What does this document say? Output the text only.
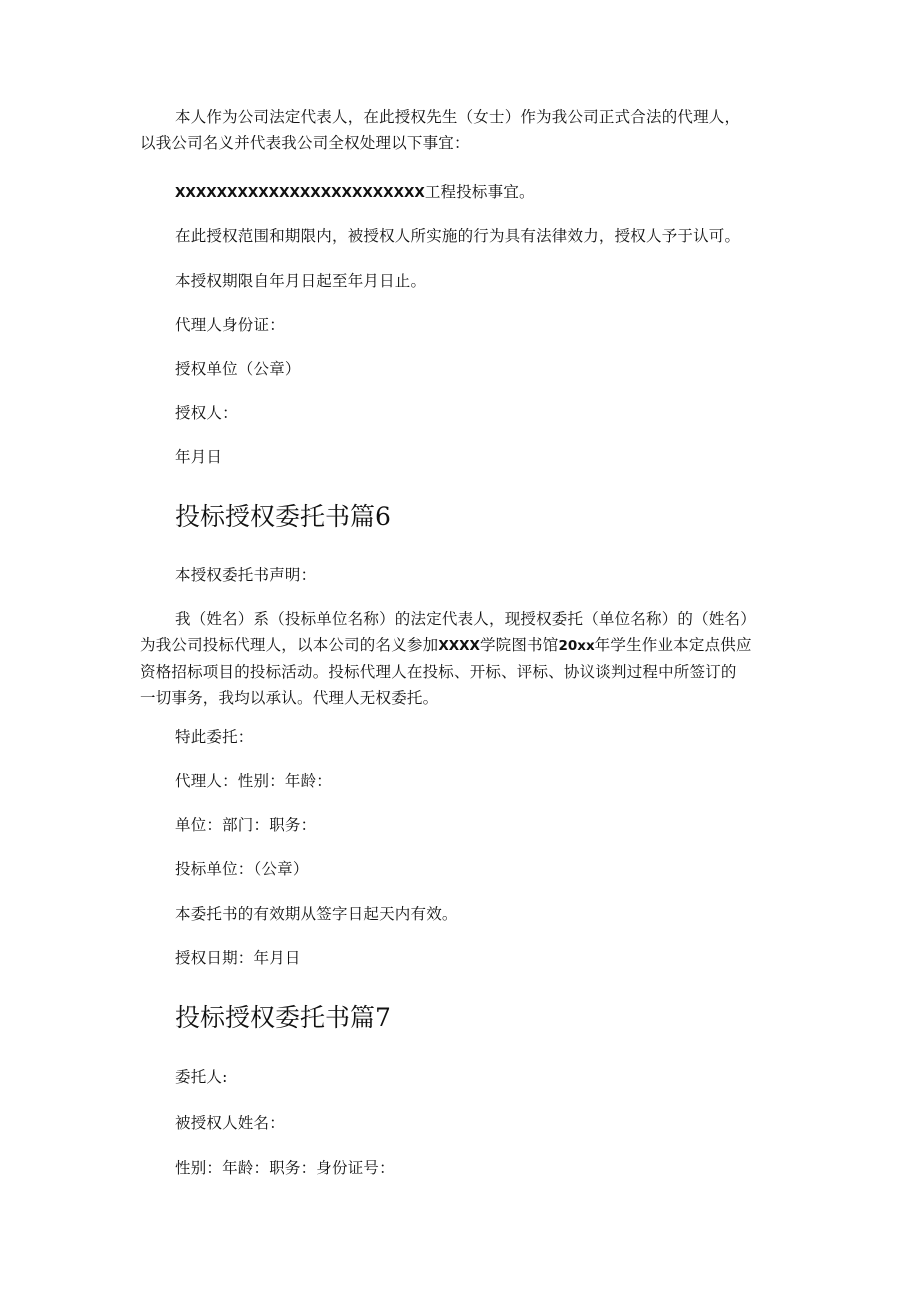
本人作为公司法定代表人，在此授权先生（女士）作为我公司正式合法的代理人，
以我公司名义并代表我公司全权处理以下事宜：
XXXXXXXXXXXXXXXXXXXXXXXX工程投标事宜。
在此授权范围和期限内，被授权人所实施的行为具有法律效力，授权人予于认可。
本授权期限自年月日起至年月日止。
代理人身份证：
授权单位（公章）
授权人：
年月日
投标授权委托书篇6
本授权委托书声明：
我（姓名）系（投标单位名称）的法定代表人，现授权委托（单位名称）的（姓名）
为我公司投标代理人，以本公司的名义参加XXXX学院图书馆20xx年学生作业本定点供应
资格招标项目的投标活动。投标代理人在投标、开标、评标、协议谈判过程中所签订的
一切事务，我均以承认。代理人无权委托。
特此委托：
代理人：性别：年龄：
单位：部门：职务：
投标单位：（公章）
本委托书的有效期从签字日起天内有效。
授权日期：年月日
投标授权委托书篇7
委托人:
被授权人姓名：
性别：年龄：职务：身份证号：
